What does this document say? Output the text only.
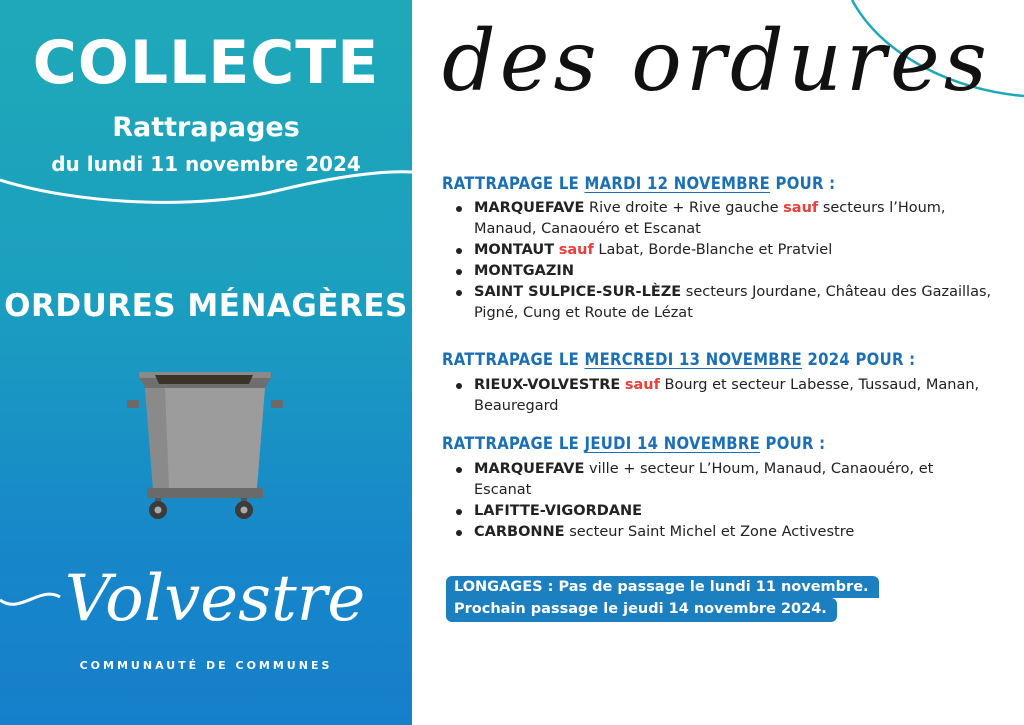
COLLECTE
Rattrapages
du lundi 11 novembre 2024
ORDURES MÉNAGÈRES
Volvestre
COMMUNAUTÉ DE COMMUNES
des ordures
RATTRAPAGE LE MARDI 12 NOVEMBRE POUR :
MARQUEFAVE Rive droite + Rive gauche sauf secteurs l’Houm, Manaud, Canaouéro et Escanat
MONTAUT sauf Labat, Borde-Blanche et Pratviel
MONTGAZIN
SAINT SULPICE-SUR-LÈZE secteurs Jourdane, Château des Gazaillas, Pigné, Cung et Route de Lézat
RATTRAPAGE LE MERCREDI 13 NOVEMBRE 2024 POUR :
RIEUX-VOLVESTRE sauf Bourg et secteur Labesse, Tussaud, Manan, Beauregard
RATTRAPAGE LE JEUDI 14 NOVEMBRE POUR :
MARQUEFAVE ville + secteur L’Houm, Manaud, Canaouéro, et Escanat
LAFITTE-VIGORDANE
CARBONNE secteur Saint Michel et Zone Activestre
LONGAGES : Pas de passage le lundi 11 novembre.
Prochain passage le jeudi 14 novembre 2024.
